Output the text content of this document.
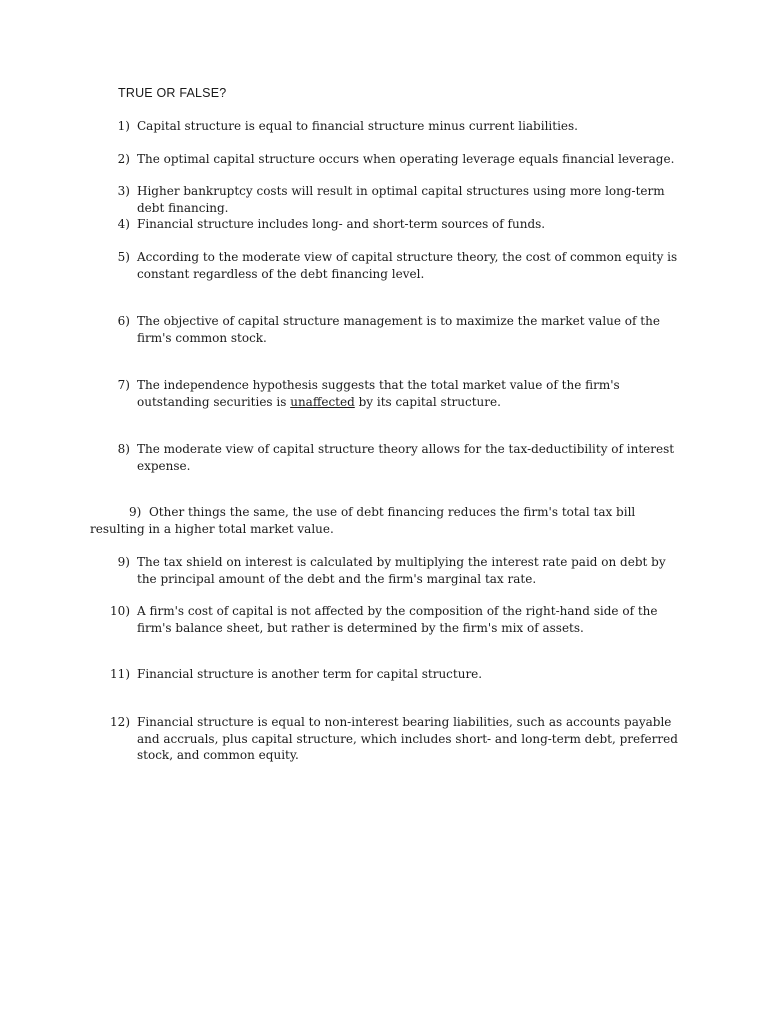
TRUE OR FALSE?
1) Capital structure is equal to financial structure minus current liabilities.
2) The optimal capital structure occurs when operating leverage equals financial leverage.
3) Higher bankruptcy costs will result in optimal capital structures using more long-term debt financing.
4) Financial structure includes long- and short-term sources of funds.
5) According to the moderate view of capital structure theory, the cost of common equity is constant regardless of the debt financing level.
6) The objective of capital structure management is to maximize the market value of the firm's common stock.
7) The independence hypothesis suggests that the total market value of the firm's outstanding securities is unaffected by its capital structure.
8) The moderate view of capital structure theory allows for the tax-deductibility of interest expense.
9) Other things the same, the use of debt financing reduces the firm's total tax bill resulting in a higher total market value.
9) The tax shield on interest is calculated by multiplying the interest rate paid on debt by the principal amount of the debt and the firm's marginal tax rate.
10) A firm's cost of capital is not affected by the composition of the right-hand side of the firm's balance sheet, but rather is determined by the firm's mix of assets.
11) Financial structure is another term for capital structure.
12) Financial structure is equal to non-interest bearing liabilities, such as accounts payable and accruals, plus capital structure, which includes short- and long-term debt, preferred stock, and common equity.
